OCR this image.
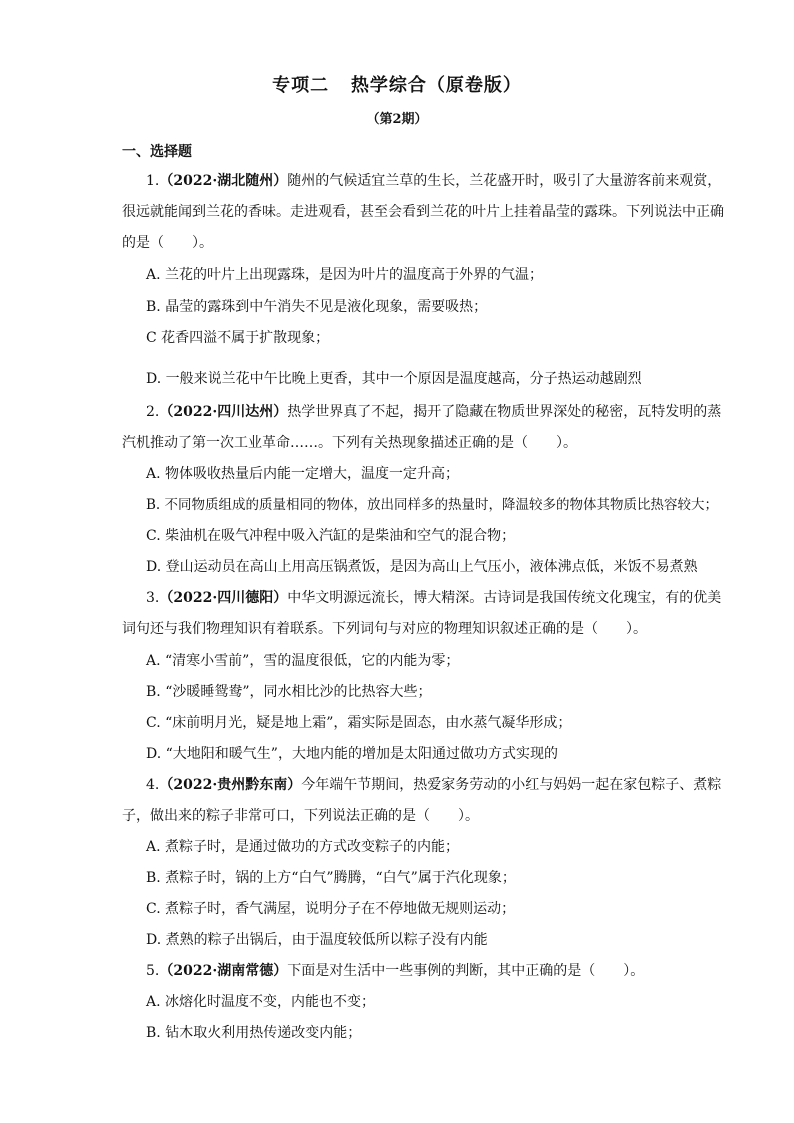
专项二   热学综合（原卷版）
（第2期）
一、选择题
1.（2022·湖北随州）随州的气候适宜兰草的生长，兰花盛开时，吸引了大量游客前来观赏，
很远就能闻到兰花的香味。走进观看，甚至会看到兰花的叶片上挂着晶莹的露珠。下列说法中正确
的是（　　）。
A. 兰花的叶片上出现露珠，是因为叶片的温度高于外界的气温；
B. 晶莹的露珠到中午消失不见是液化现象，需要吸热；
C 花香四溢不属于扩散现象；
D. 一般来说兰花中午比晚上更香，其中一个原因是温度越高，分子热运动越剧烈
2.（2022·四川达州）热学世界真了不起，揭开了隐藏在物质世界深处的秘密，瓦特发明的蒸
汽机推动了第一次工业革命……。下列有关热现象描述正确的是（　　）。
A. 物体吸收热量后内能一定增大，温度一定升高；
B. 不同物质组成的质量相同的物体，放出同样多的热量时，降温较多的物体其物质比热容较大；
C. 柴油机在吸气冲程中吸入汽缸的是柴油和空气的混合物；
D. 登山运动员在高山上用高压锅煮饭，是因为高山上气压小，液体沸点低，米饭不易煮熟
3.（2022·四川德阳）中华文明源远流长，博大精深。古诗词是我国传统文化瑰宝，有的优美
词句还与我们物理知识有着联系。下列词句与对应的物理知识叙述正确的是（　　）。
A. “清寒小雪前”，雪的温度很低，它的内能为零；
B. “沙暖睡鸳鸯”，同水相比沙的比热容大些；
C. “床前明月光，疑是地上霜”，霜实际是固态，由水蒸气凝华形成；
D. “大地阳和暖气生”，大地内能的增加是太阳通过做功方式实现的
4.（2022·贵州黔东南）今年端午节期间，热爱家务劳动的小红与妈妈一起在家包粽子、煮粽
子，做出来的粽子非常可口，下列说法正确的是（　　）。
A. 煮粽子时，是通过做功的方式改变粽子的内能；
B. 煮粽子时，锅的上方“白气”腾腾，“白气”属于汽化现象；
C. 煮粽子时，香气满屋，说明分子在不停地做无规则运动；
D. 煮熟的粽子出锅后，由于温度较低所以粽子没有内能
5.（2022·湖南常德）下面是对生活中一些事例的判断，其中正确的是（　　）。
A. 冰熔化时温度不变，内能也不变；
B. 钻木取火利用热传递改变内能；
